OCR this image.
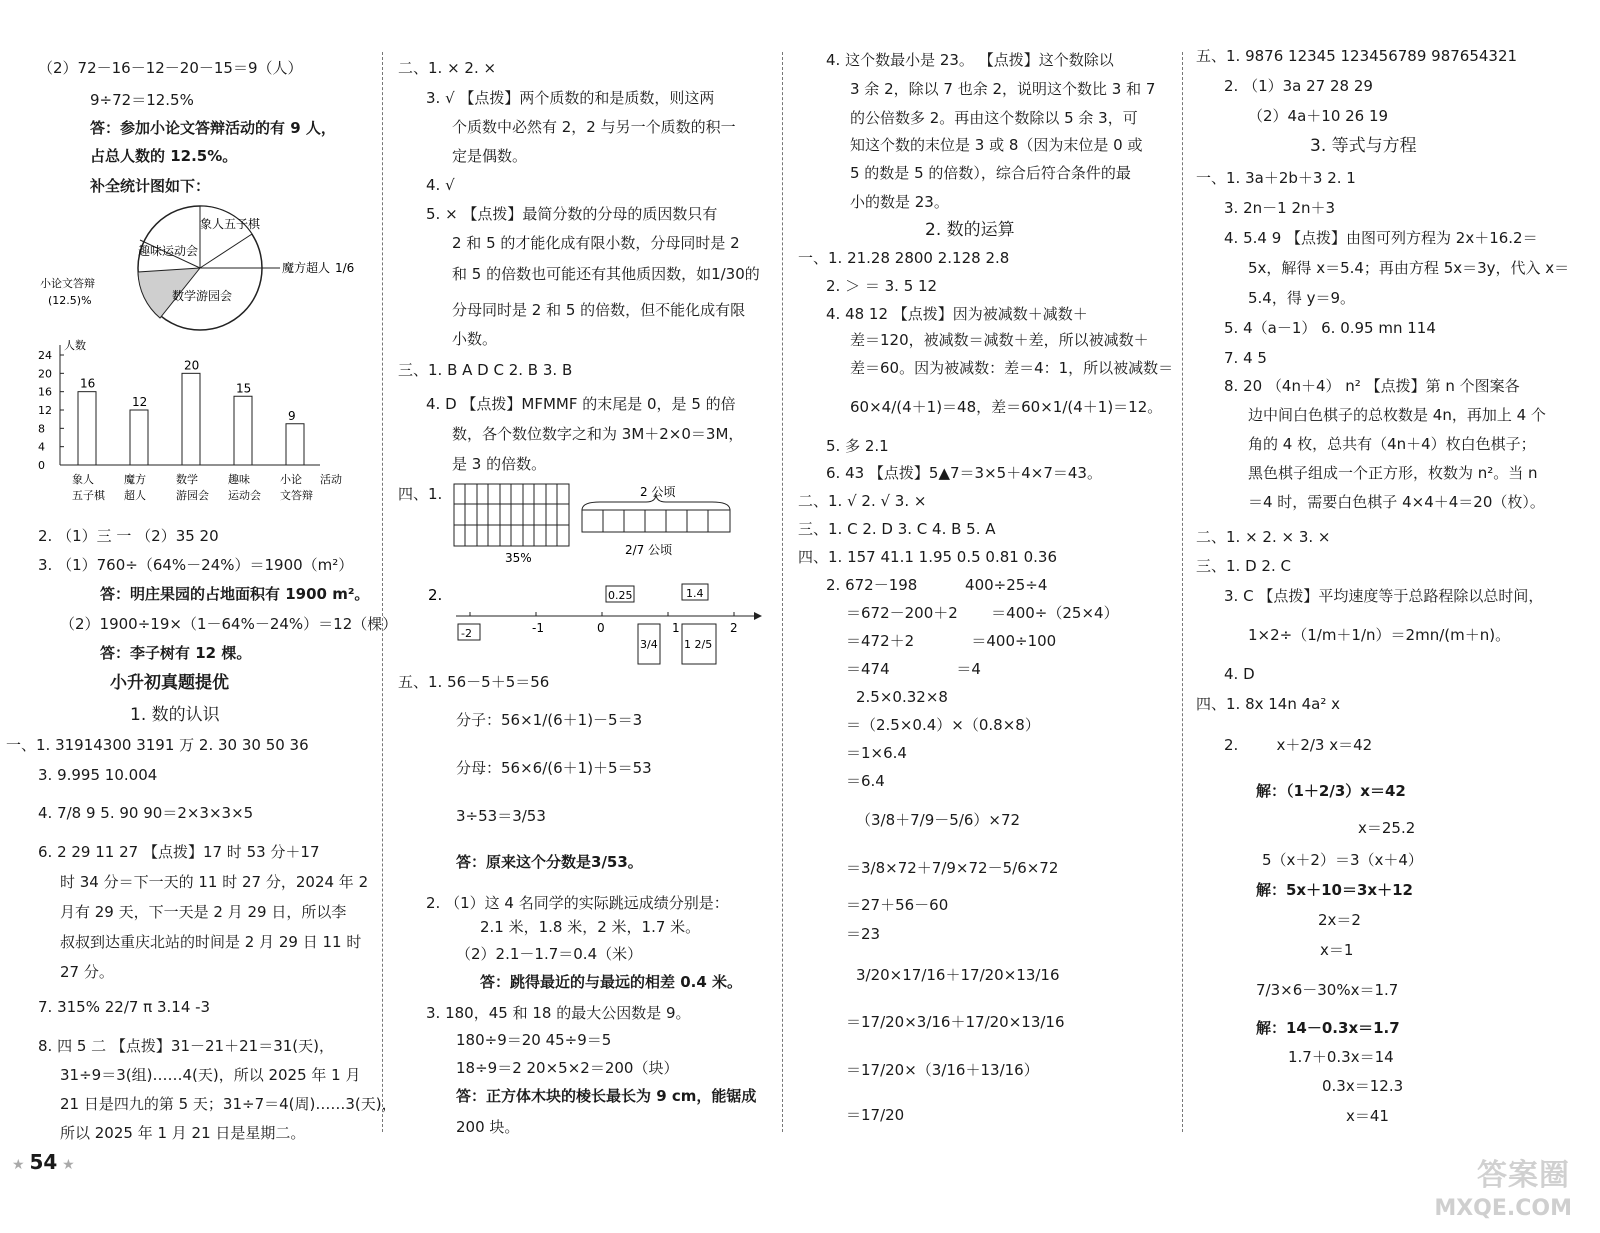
（2）72－16－12－20－15＝9（人）
9÷72＝12.5%
答：参加小论文答辩活动的有 9 人，
占总人数的 12.5%。
补全统计图如下：
象人五子棋
趣味运动会
魔方超人
数学游园会
小论文答辩
(12.5)%
1/6
人数
24
20
16
12
8
4
0
16
象人
五子棋
12
魔方
超人
20
数学
游园会
15
趣味
运动会
9
小论
文答辩
活动
2. （1）三 一 （2）35 20
3. （1）760÷（64%－24%）＝1900（m²）
答：明庄果园的占地面积有 1900 m²。
（2）1900÷19×（1－64%－24%）＝12（棵）
答：李子树有 12 棵。
小升初真题提优
1. 数的认识
一、1. 31914300 3191 万 2. 30 30 50 36
3. 9.995 10.004
4. 7/8 9 5. 90 90＝2×3×3×5
6. 2 29 11 27 【点拨】17 时 53 分＋17
时 34 分＝下一天的 11 时 27 分，2024 年 2
月有 29 天，下一天是 2 月 29 日，所以李
叔叔到达重庆北站的时间是 2 月 29 日 11 时
27 分。
7. 315% 22/7 π 3.14 -3
8. 四 5 二 【点拨】31－21＋21＝31(天)，
31÷9＝3(组)……4(天)，所以 2025 年 1 月
21 日是四九的第 5 天；31÷7＝4(周)……3(天)，
所以 2025 年 1 月 21 日是星期二。
二、1. × 2. ×
3. √ 【点拨】两个质数的和是质数，则这两
个质数中必然有 2，2 与另一个质数的积一
定是偶数。
4. √
5. × 【点拨】最简分数的分母的质因数只有
2 和 5 的才能化成有限小数，分母同时是 2
和 5 的倍数也可能还有其他质因数，如1/30的
分母同时是 2 和 5 的倍数，但不能化成有限
小数。
三、1. B A D C 2. B 3. B
4. D 【点拨】MFMMF 的末尾是 0，是 5 的倍
数，各个数位数字之和为 3M＋2×0＝3M，
是 3 的倍数。
四、1.	2 公顷
35%
2/7 公顷
2.
-1	0	1	2
0.25	1.4
-2
3/4 1 2/5
五、1. 56－5＋5＝56
分子：56×1/(6＋1)－5＝3
分母：56×6/(6＋1)＋5＝53
3÷53＝3/53
答：原来这个分数是3/53。
2. （1）这 4 名同学的实际跳远成绩分别是：
2.1 米，1.8 米，2 米，1.7 米。
（2）2.1－1.7＝0.4（米）
答：跳得最近的与最远的相差 0.4 米。
3. 180，45 和 18 的最大公因数是 9。
180÷9＝20 45÷9＝5
18÷9＝2 20×5×2＝200（块）
答：正方体木块的棱长最长为 9 cm，能锯成
200 块。
4. 这个数最小是 23。 【点拨】这个数除以
3 余 2，除以 7 也余 2，说明这个数比 3 和 7
的公倍数多 2。再由这个数除以 5 余 3，可
知这个数的末位是 3 或 8（因为末位是 0 或
5 的数是 5 的倍数），综合后符合条件的最
小的数是 23。
2. 数的运算
一、1. 21.28 2800 2.128 2.8
2. ＞ ＝ 3. 5 12
4. 48 12 【点拨】因为被减数＋减数＋
差＝120，被减数＝减数＋差，所以被减数＋
差＝60。因为被减数：差＝4：1，所以被减数＝
60×4/(4＋1)＝48，差＝60×1/(4＋1)＝12。
5. 多 2.1
6. 43 【点拨】5▲7＝3×5＋4×7＝43。
二、1. √ 2. √ 3. ×
三、1. C 2. D 3. C 4. B 5. A
四、1. 157 41.1 1.95 0.5 0.81 0.36
2. 672－198          400÷25÷4
＝672－200＋2       ＝400÷（25×4）
＝472＋2            ＝400÷100
＝474              ＝4
2.5×0.32×8
＝（2.5×0.4）×（0.8×8）
＝1×6.4
＝6.4
（3/8＋7/9－5/6）×72
＝3/8×72＋7/9×72－5/6×72
＝27＋56－60
＝23
3/20×17/16＋17/20×13/16
＝17/20×3/16＋17/20×13/16
＝17/20×（3/16＋13/16）
＝17/20
五、1. 9876 12345 123456789 987654321
2. （1）3a 27 28 29
（2）4a＋10 26 19
3. 等式与方程
一、1. 3a＋2b＋3 2. 1
3. 2n－1 2n＋3
4. 5.4 9 【点拨】由图可列方程为 2x＋16.2＝
5x，解得 x＝5.4；再由方程 5x＝3y，代入 x＝
5.4，得 y＝9。
5. 4（a－1） 6. 0.95 mn 114
7. 4 5
8. 20 （4n＋4） n² 【点拨】第 n 个图案各
边中间白色棋子的总枚数是 4n，再加上 4 个
角的 4 枚，总共有（4n＋4）枚白色棋子；
黑色棋子组成一个正方形，枚数为 n²。当 n
＝4 时，需要白色棋子 4×4＋4＝20（枚）。
二、1. × 2. × 3. ×
三、1. D 2. C
3. C 【点拨】平均速度等于总路程除以总时间，
1×2÷（1/m＋1/n）＝2mn/(m＋n)。
4. D
四、1. 8x 14n 4a² x
2.        x＋2/3 x＝42
解：（1＋2/3）x＝42
x＝25.2
5（x＋2）＝3（x＋4）
解：5x＋10＝3x＋12
2x＝2
x＝1
7/3×6－30%x＝1.7
解：14－0.3x＝1.7
1.7＋0.3x＝14
0.3x＝12.3
x＝41
★ 54 ★	答案圈
MXQE.COM
